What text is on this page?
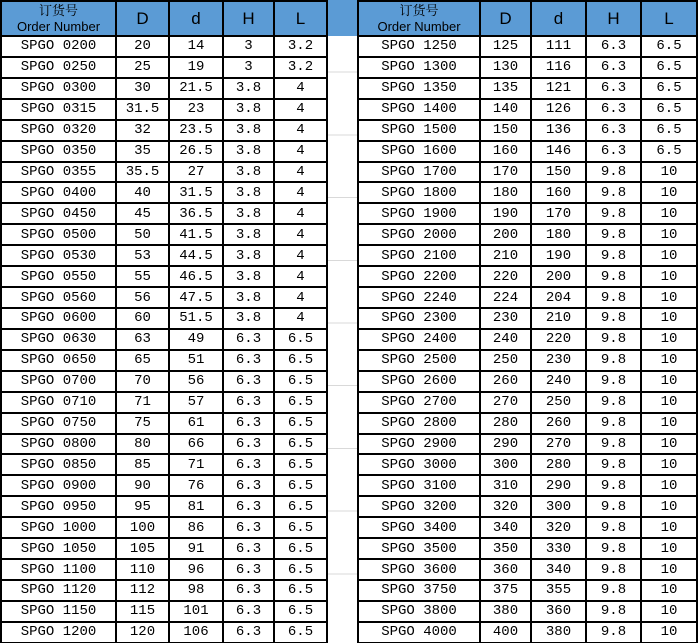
订货号
Order Number	D	d	H	L
SPGO 0200	20	14	3	3.2
SPGO 0250	25	19	3	3.2
SPGO 0300	30	21.5	3.8	4
SPGO 0315	31.5	23	3.8	4
SPGO 0320	32	23.5	3.8	4
SPGO 0350	35	26.5	3.8	4
SPGO 0355	35.5	27	3.8	4
SPGO 0400	40	31.5	3.8	4
SPGO 0450	45	36.5	3.8	4
SPGO 0500	50	41.5	3.8	4
SPGO 0530	53	44.5	3.8	4
SPGO 0550	55	46.5	3.8	4
SPGO 0560	56	47.5	3.8	4
SPGO 0600	60	51.5	3.8	4
SPGO 0630	63	49	6.3	6.5
SPGO 0650	65	51	6.3	6.5
SPGO 0700	70	56	6.3	6.5
SPGO 0710	71	57	6.3	6.5
SPGO 0750	75	61	6.3	6.5
SPGO 0800	80	66	6.3	6.5
SPGO 0850	85	71	6.3	6.5
SPGO 0900	90	76	6.3	6.5
SPGO 0950	95	81	6.3	6.5
SPGO 1000	100	86	6.3	6.5
SPGO 1050	105	91	6.3	6.5
SPGO 1100	110	96	6.3	6.5
SPGO 1120	112	98	6.3	6.5
SPGO 1150	115	101	6.3	6.5
SPGO 1200	120	106	6.3	6.5
订货号
Order Number	D	d	H	L
SPGO 1250	125	111	6.3	6.5
SPGO 1300	130	116	6.3	6.5
SPGO 1350	135	121	6.3	6.5
SPGO 1400	140	126	6.3	6.5
SPGO 1500	150	136	6.3	6.5
SPGO 1600	160	146	6.3	6.5
SPGO 1700	170	150	9.8	10
SPGO 1800	180	160	9.8	10
SPGO 1900	190	170	9.8	10
SPGO 2000	200	180	9.8	10
SPGO 2100	210	190	9.8	10
SPGO 2200	220	200	9.8	10
SPGO 2240	224	204	9.8	10
SPGO 2300	230	210	9.8	10
SPGO 2400	240	220	9.8	10
SPGO 2500	250	230	9.8	10
SPGO 2600	260	240	9.8	10
SPGO 2700	270	250	9.8	10
SPGO 2800	280	260	9.8	10
SPGO 2900	290	270	9.8	10
SPGO 3000	300	280	9.8	10
SPGO 3100	310	290	9.8	10
SPGO 3200	320	300	9.8	10
SPGO 3400	340	320	9.8	10
SPGO 3500	350	330	9.8	10
SPGO 3600	360	340	9.8	10
SPGO 3750	375	355	9.8	10
SPGO 3800	380	360	9.8	10
SPGO 4000	400	380	9.8	10
